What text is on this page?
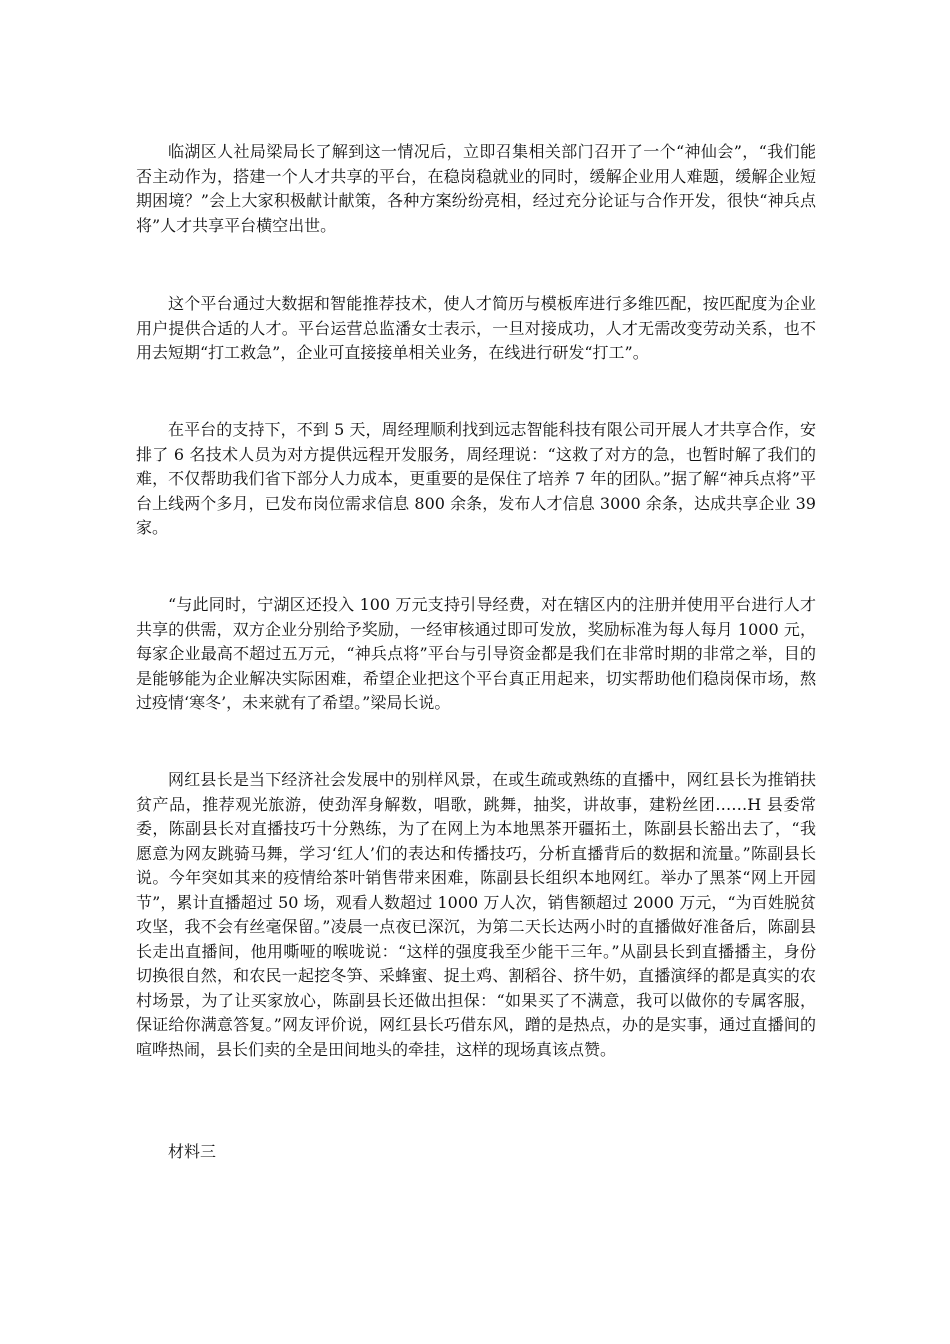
临湖区人社局梁局长了解到这一情况后，立即召集相关部门召开了一个“神仙会”，“我们能否主动作为，搭建一个人才共享的平台，在稳岗稳就业的同时，缓解企业用人难题，缓解企业短期困境？”会上大家积极献计献策，各种方案纷纷亮相，经过充分论证与合作开发，很快“神兵点将”人才共享平台横空出世。

这个平台通过大数据和智能推荐技术，使人才简历与模板库进行多维匹配，按匹配度为企业用户提供合适的人才。平台运营总监潘女士表示，一旦对接成功，人才无需改变劳动关系，也不用去短期“打工救急”，企业可直接接单相关业务，在线进行研发“打工”。

在平台的支持下，不到 5 天，周经理顺利找到远志智能科技有限公司开展人才共享合作，安排了 6 名技术人员为对方提供远程开发服务，周经理说：“这救了对方的急，也暂时解了我们的难，不仅帮助我们省下部分人力成本，更重要的是保住了培养 7 年的团队。”据了解“神兵点将”平台上线两个多月，已发布岗位需求信息 800 余条，发布人才信息 3000 余条，达成共享企业 39 家。

“与此同时，宁湖区还投入 100 万元支持引导经费，对在辖区内的注册并使用平台进行人才共享的供需，双方企业分别给予奖励，一经审核通过即可发放，奖励标准为每人每月 1000 元，每家企业最高不超过五万元，“神兵点将”平台与引导资金都是我们在非常时期的非常之举，目的是能够能为企业解决实际困难，希望企业把这个平台真正用起来，切实帮助他们稳岗保市场，熬过疫情‘寒冬’，未来就有了希望。”梁局长说。

网红县长是当下经济社会发展中的别样风景，在或生疏或熟练的直播中，网红县长为推销扶贫产品，推荐观光旅游，使劲浑身解数，唱歌，跳舞，抽奖，讲故事，建粉丝团……H 县委常委，陈副县长对直播技巧十分熟练，为了在网上为本地黑茶开疆拓土，陈副县长豁出去了，“我愿意为网友跳骑马舞，学习‘红人’们的表达和传播技巧，分析直播背后的数据和流量。”陈副县长说。今年突如其来的疫情给茶叶销售带来困难，陈副县长组织本地网红。举办了黑茶“网上开园节”，累计直播超过 50 场，观看人数超过 1000 万人次，销售额超过 2000 万元，“为百姓脱贫攻坚，我不会有丝毫保留。”凌晨一点夜已深沉，为第二天长达两小时的直播做好准备后，陈副县长走出直播间，他用嘶哑的喉咙说：“这样的强度我至少能干三年。”从副县长到直播播主，身份切换很自然，和农民一起挖冬笋、采蜂蜜、捉土鸡、割稻谷、挤牛奶，直播演绎的都是真实的农村场景，为了让买家放心，陈副县长还做出担保：“如果买了不满意，我可以做你的专属客服，保证给你满意答复。”网友评价说，网红县长巧借东风，蹭的是热点，办的是实事，通过直播间的喧哗热闹，县长们卖的全是田间地头的牵挂，这样的现场真该点赞。

材料三
